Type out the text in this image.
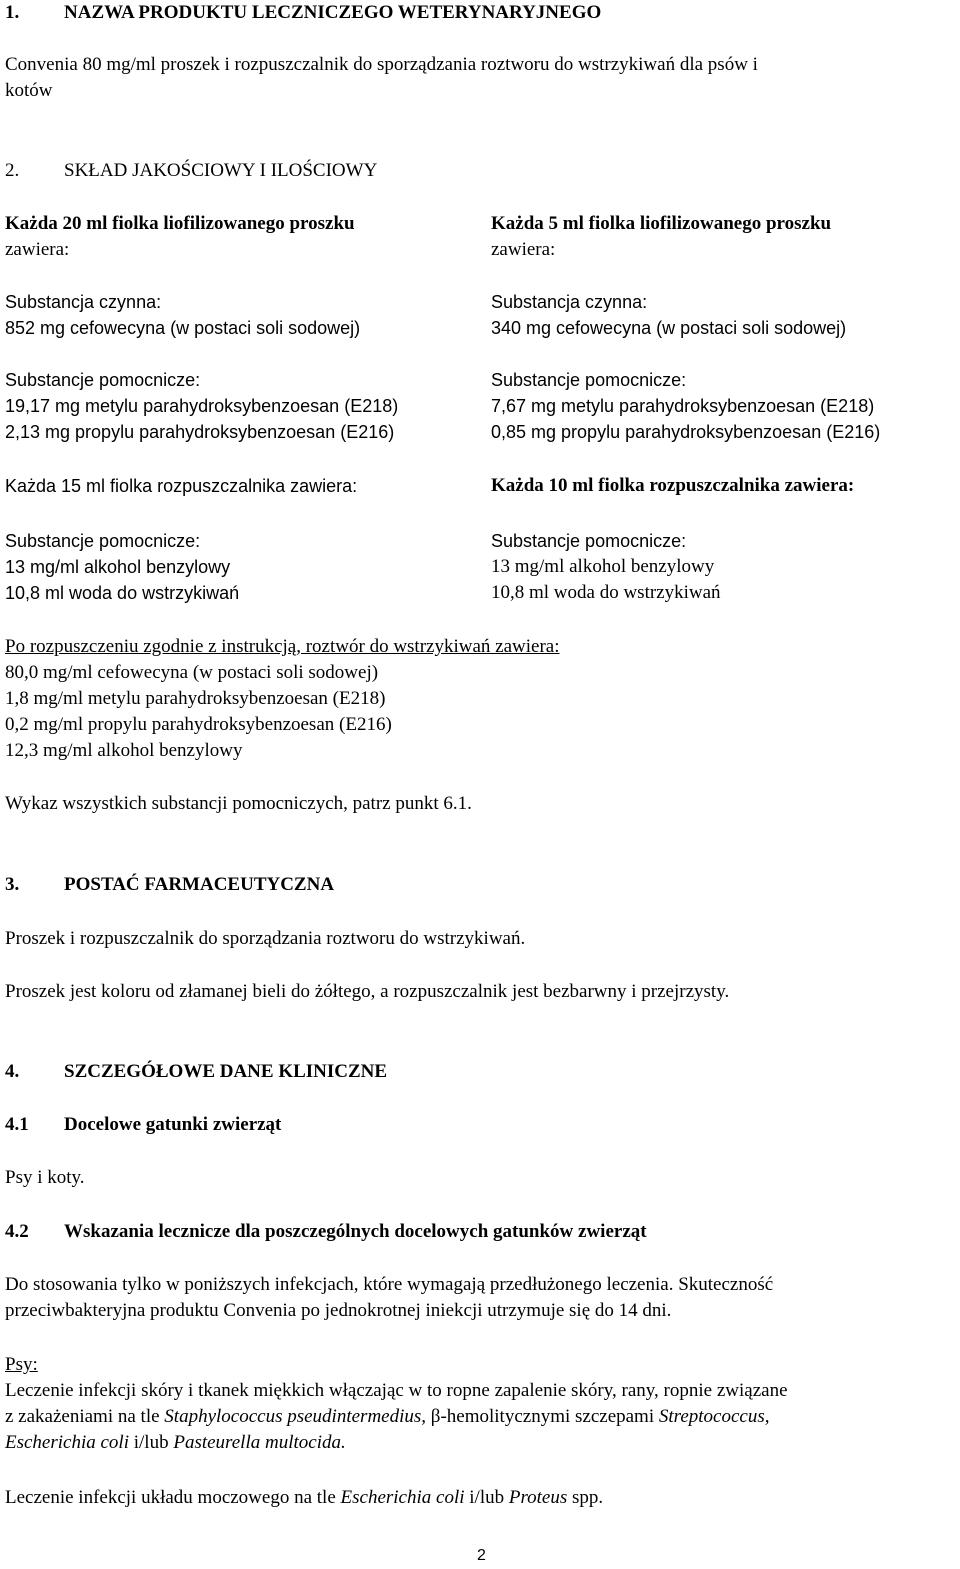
1. NAZWA PRODUKTU LECZNICZEGO WETERYNARYJNEGO
Convenia 80 mg/ml proszek i rozpuszczalnik do sporządzania roztworu do wstrzykiwań dla psów i
kotów
2. SKŁAD JAKOŚCIOWY I ILOŚCIOWY
Każda 20 ml fiolka liofilizowanego proszku
zawiera:
Substancja czynna:
852 mg cefowecyna (w postaci soli sodowej)
Substancje pomocnicze:
19,17 mg metylu parahydroksybenzoesan (E218)
2,13 mg propylu parahydroksybenzoesan (E216)
Każda 15 ml fiolka rozpuszczalnika zawiera:
Substancje pomocnicze:
13 mg/ml alkohol benzylowy
10,8 ml woda do wstrzykiwań
Każda 5 ml fiolka liofilizowanego proszku
zawiera:
Substancja czynna:
340 mg cefowecyna (w postaci soli sodowej)
Substancje pomocnicze:
7,67 mg metylu parahydroksybenzoesan (E218)
0,85 mg propylu parahydroksybenzoesan (E216)
Każda 10 ml fiolka rozpuszczalnika zawiera:
Substancje pomocnicze:
13 mg/ml alkohol benzylowy
10,8 ml woda do wstrzykiwań
Po rozpuszczeniu zgodnie z instrukcją, roztwór do wstrzykiwań zawiera:
80,0 mg/ml cefowecyna (w postaci soli sodowej)
1,8 mg/ml metylu parahydroksybenzoesan (E218)
0,2 mg/ml propylu parahydroksybenzoesan (E216)
12,3 mg/ml alkohol benzylowy
Wykaz wszystkich substancji pomocniczych, patrz punkt 6.1.
3. POSTAĆ FARMACEUTYCZNA
Proszek i rozpuszczalnik do sporządzania roztworu do wstrzykiwań.
Proszek jest koloru od złamanej bieli do żółtego, a rozpuszczalnik jest bezbarwny i przejrzysty.
4. SZCZEGÓŁOWE DANE KLINICZNE
4.1 Docelowe gatunki zwierząt
Psy i koty.
4.2 Wskazania lecznicze dla poszczególnych docelowych gatunków zwierząt
Do stosowania tylko w poniższych infekcjach, które wymagają przedłużonego leczenia. Skuteczność
przeciwbakteryjna produktu Convenia po jednokrotnej iniekcji utrzymuje się do 14 dni.
Psy:
Leczenie infekcji skóry i tkanek miękkich włączając w to ropne zapalenie skóry, rany, ropnie związane
z zakażeniami na tle Staphylococcus pseudintermedius, β-hemolitycznymi szczepami Streptococcus,
Escherichia coli i/lub Pasteurella multocida.
Leczenie infekcji układu moczowego na tle Escherichia coli i/lub Proteus spp.
2
